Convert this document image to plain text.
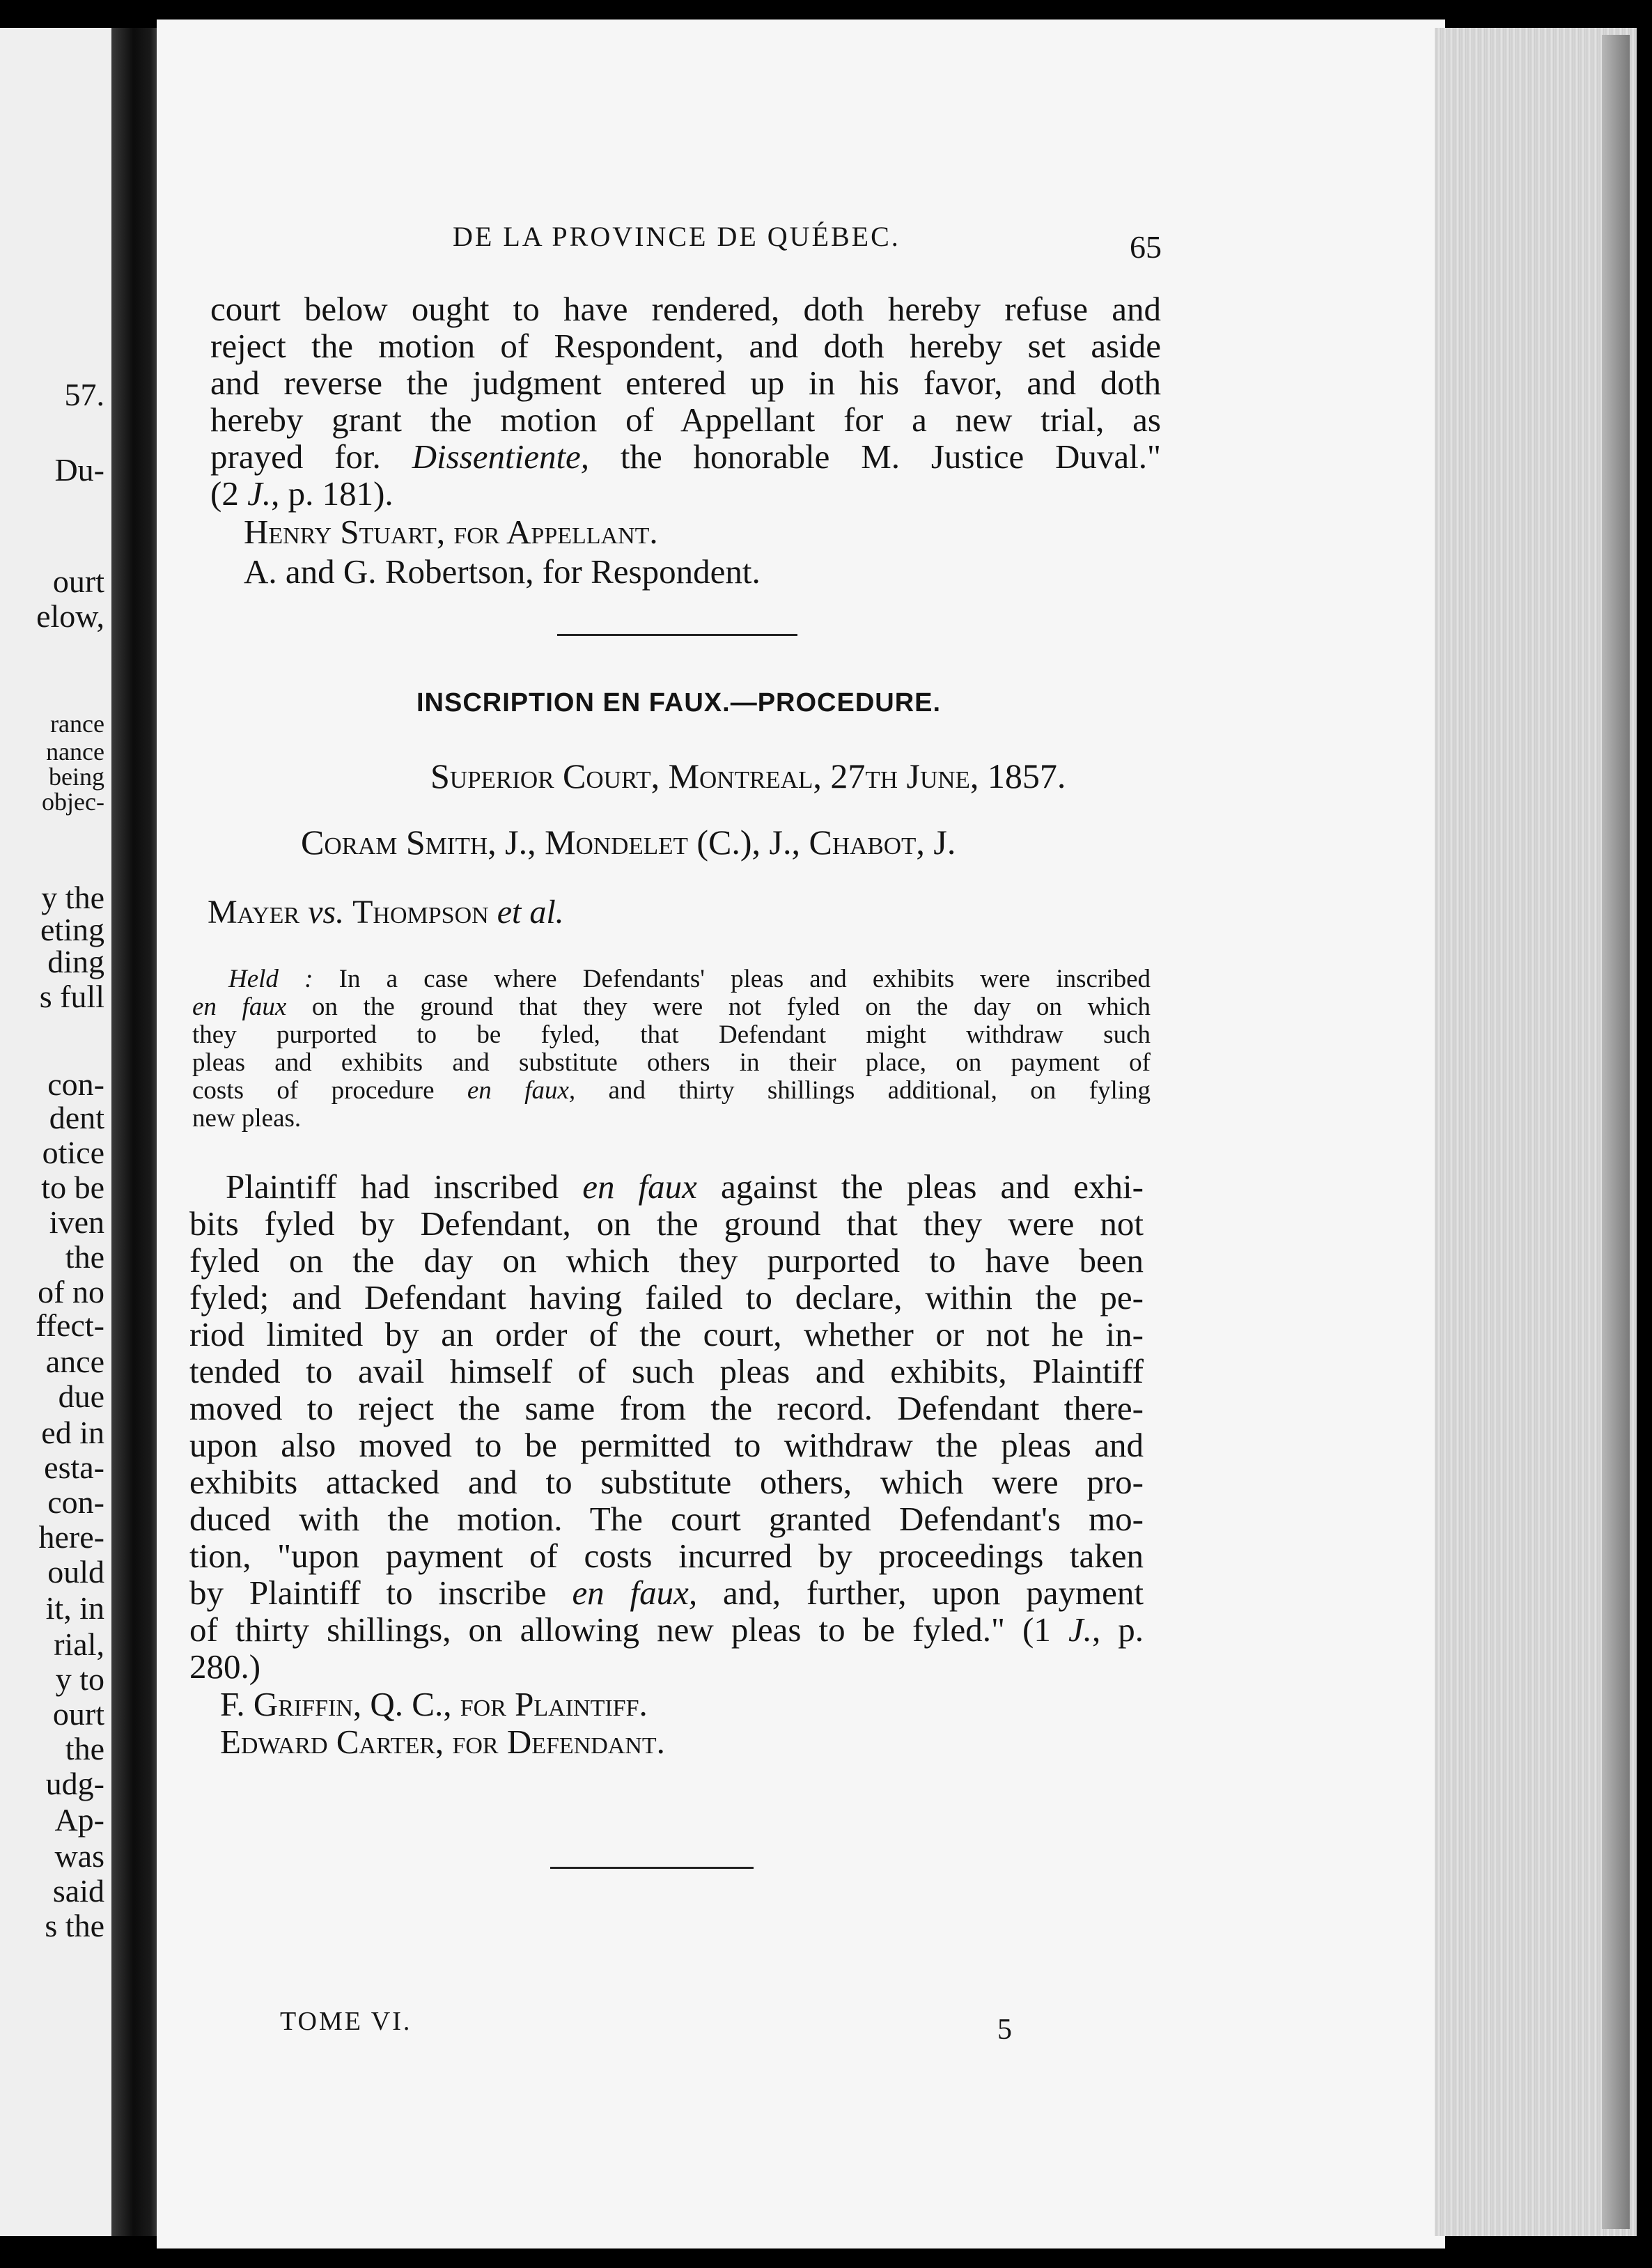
57.
Du-
ourt
elow,
rance
nance
being
objec-
y the
eting
ding
s full
con-
dent
otice
to be
iven
the
of no
ffect-
ance
due
ed in
esta-
con-
here-
ould
it, in
rial,
y to
ourt
the
udg-
Ap-
was
said
s the
DE LA PROVINCE DE QUÉBEC.	65
court below ought to have rendered, doth hereby refuse and
reject the motion of Respondent, and doth hereby set aside
and reverse the judgment entered up in his favor, and doth
hereby grant the motion of Appellant for a new trial, as
prayed for. Dissentiente, the honorable M. Justice Duval."
(2 J., p. 181).
Henry Stuart, for Appellant.
A. and G. Robertson, for Respondent.
INSCRIPTION EN FAUX.—PROCEDURE.
Superior Court, Montreal, 27th June, 1857.
Coram Smith, J., Mondelet (C.), J., Chabot, J.
Mayer vs. Thompson et al.
Held : In a case where Defendants' pleas and exhibits were inscribed
en faux on the ground that they were not fyled on the day on which
they purported to be fyled, that Defendant might withdraw such
pleas and exhibits and substitute others in their place, on payment of
costs of procedure en faux, and thirty shillings additional, on fyling
new pleas.
Plaintiff had inscribed en faux against the pleas and exhi-
bits fyled by Defendant, on the ground that they were not
fyled on the day on which they purported to have been
fyled; and Defendant having failed to declare, within the pe-
riod limited by an order of the court, whether or not he in-
tended to avail himself of such pleas and exhibits, Plaintiff
moved to reject the same from the record. Defendant there-
upon also moved to be permitted to withdraw the pleas and
exhibits attacked and to substitute others, which were pro-
duced with the motion. The court granted Defendant's mo-
tion, "upon payment of costs incurred by proceedings taken
by Plaintiff to inscribe en faux, and, further, upon payment
of thirty shillings, on allowing new pleas to be fyled." (1 J., p.
280.)
F. Griffin, Q. C., for Plaintiff.
Edward Carter, for Defendant.
TOME VI.	5
